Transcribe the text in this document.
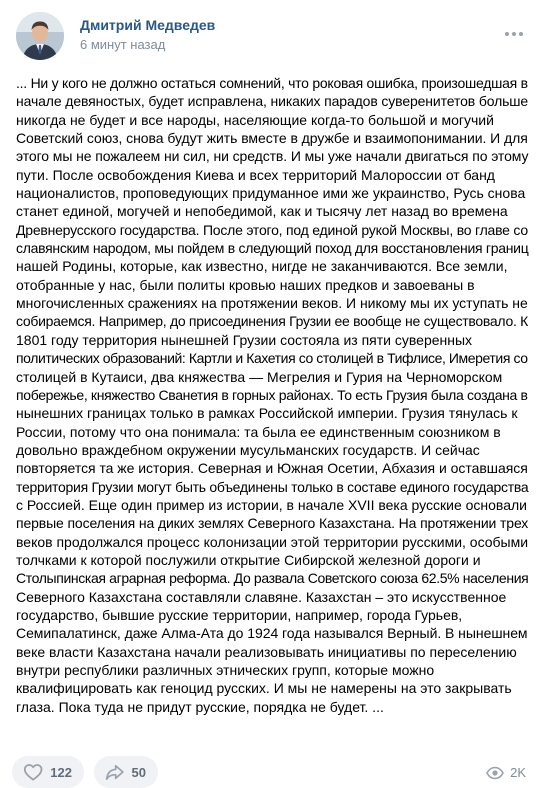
Дмитрий Медведев
6 минут назад
... Ни у кого не должно остаться сомнений, что роковая ошибка, произошедшая в
начале девяностых, будет исправлена, никаких парадов суверенитетов больше
никогда не будет и все народы, населяющие когда-то большой и могучий
Советский союз, снова будут жить вместе в дружбе и взаимопонимании. И для
этого мы не пожалеем ни сил, ни средств. И мы уже начали двигаться по этому
пути. После освобождения Киева и всех территорий Малороссии от банд
националистов, проповедующих придуманное ими же украинство, Русь снова
станет единой, могучей и непобедимой, как и тысячу лет назад во времена
Древнерусского государства. После этого, под единой рукой Москвы, во главе со
славянским народом, мы пойдем в следующий поход для восстановления границ
нашей Родины, которые, как известно, нигде не заканчиваются. Все земли,
отобранные у нас, были политы кровью наших предков и завоеваны в
многочисленных сражениях на протяжении веков. И никому мы их уступать не
собираемся. Например, до присоединения Грузии ее вообще не существовало. К
1801 году территория нынешней Грузии состояла из пяти суверенных
политических образований: Картли и Кахетия со столицей в Тифлисе, Имеретия со
столицей в Кутаиси, два княжества — Мегрелия и Гурия на Черноморском
побережье, княжество Сванетия в горных районах. То есть Грузия была создана в
нынешних границах только в рамках Российской империи. Грузия тянулась к
России, потому что она понимала: та была ее единственным союзником в
довольно враждебном окружении мусульманских государств. И сейчас
повторяется та же история. Северная и Южная Осетии, Абхазия и оставшаяся
территория Грузии могут быть объединены только в составе единого государства
с Россией. Еще один пример из истории, в начале XVII века русские основали
первые поселения на диких землях Северного Казахстана. На протяжении трех
веков продолжался процесс колонизации этой территории русскими, особыми
толчками к которой послужили открытие Сибирской железной дороги и
Столыпинская аграрная реформа. До развала Советского союза 62.5% населения
Северного Казахстана составляли славяне. Казахстан – это искусственное
государство, бывшие русские территории, например, города Гурьев,
Семипалатинск, даже Алма-Ата до 1924 года назывался Верный. В нынешнем
веке власти Казахстана начали реализовывать инициативы по переселению
внутри республики различных этнических групп, которые можно
квалифицировать как геноцид русских. И мы не намерены на это закрывать
глаза. Пока туда не придут русские, порядка не будет. ...
122	50	2K
